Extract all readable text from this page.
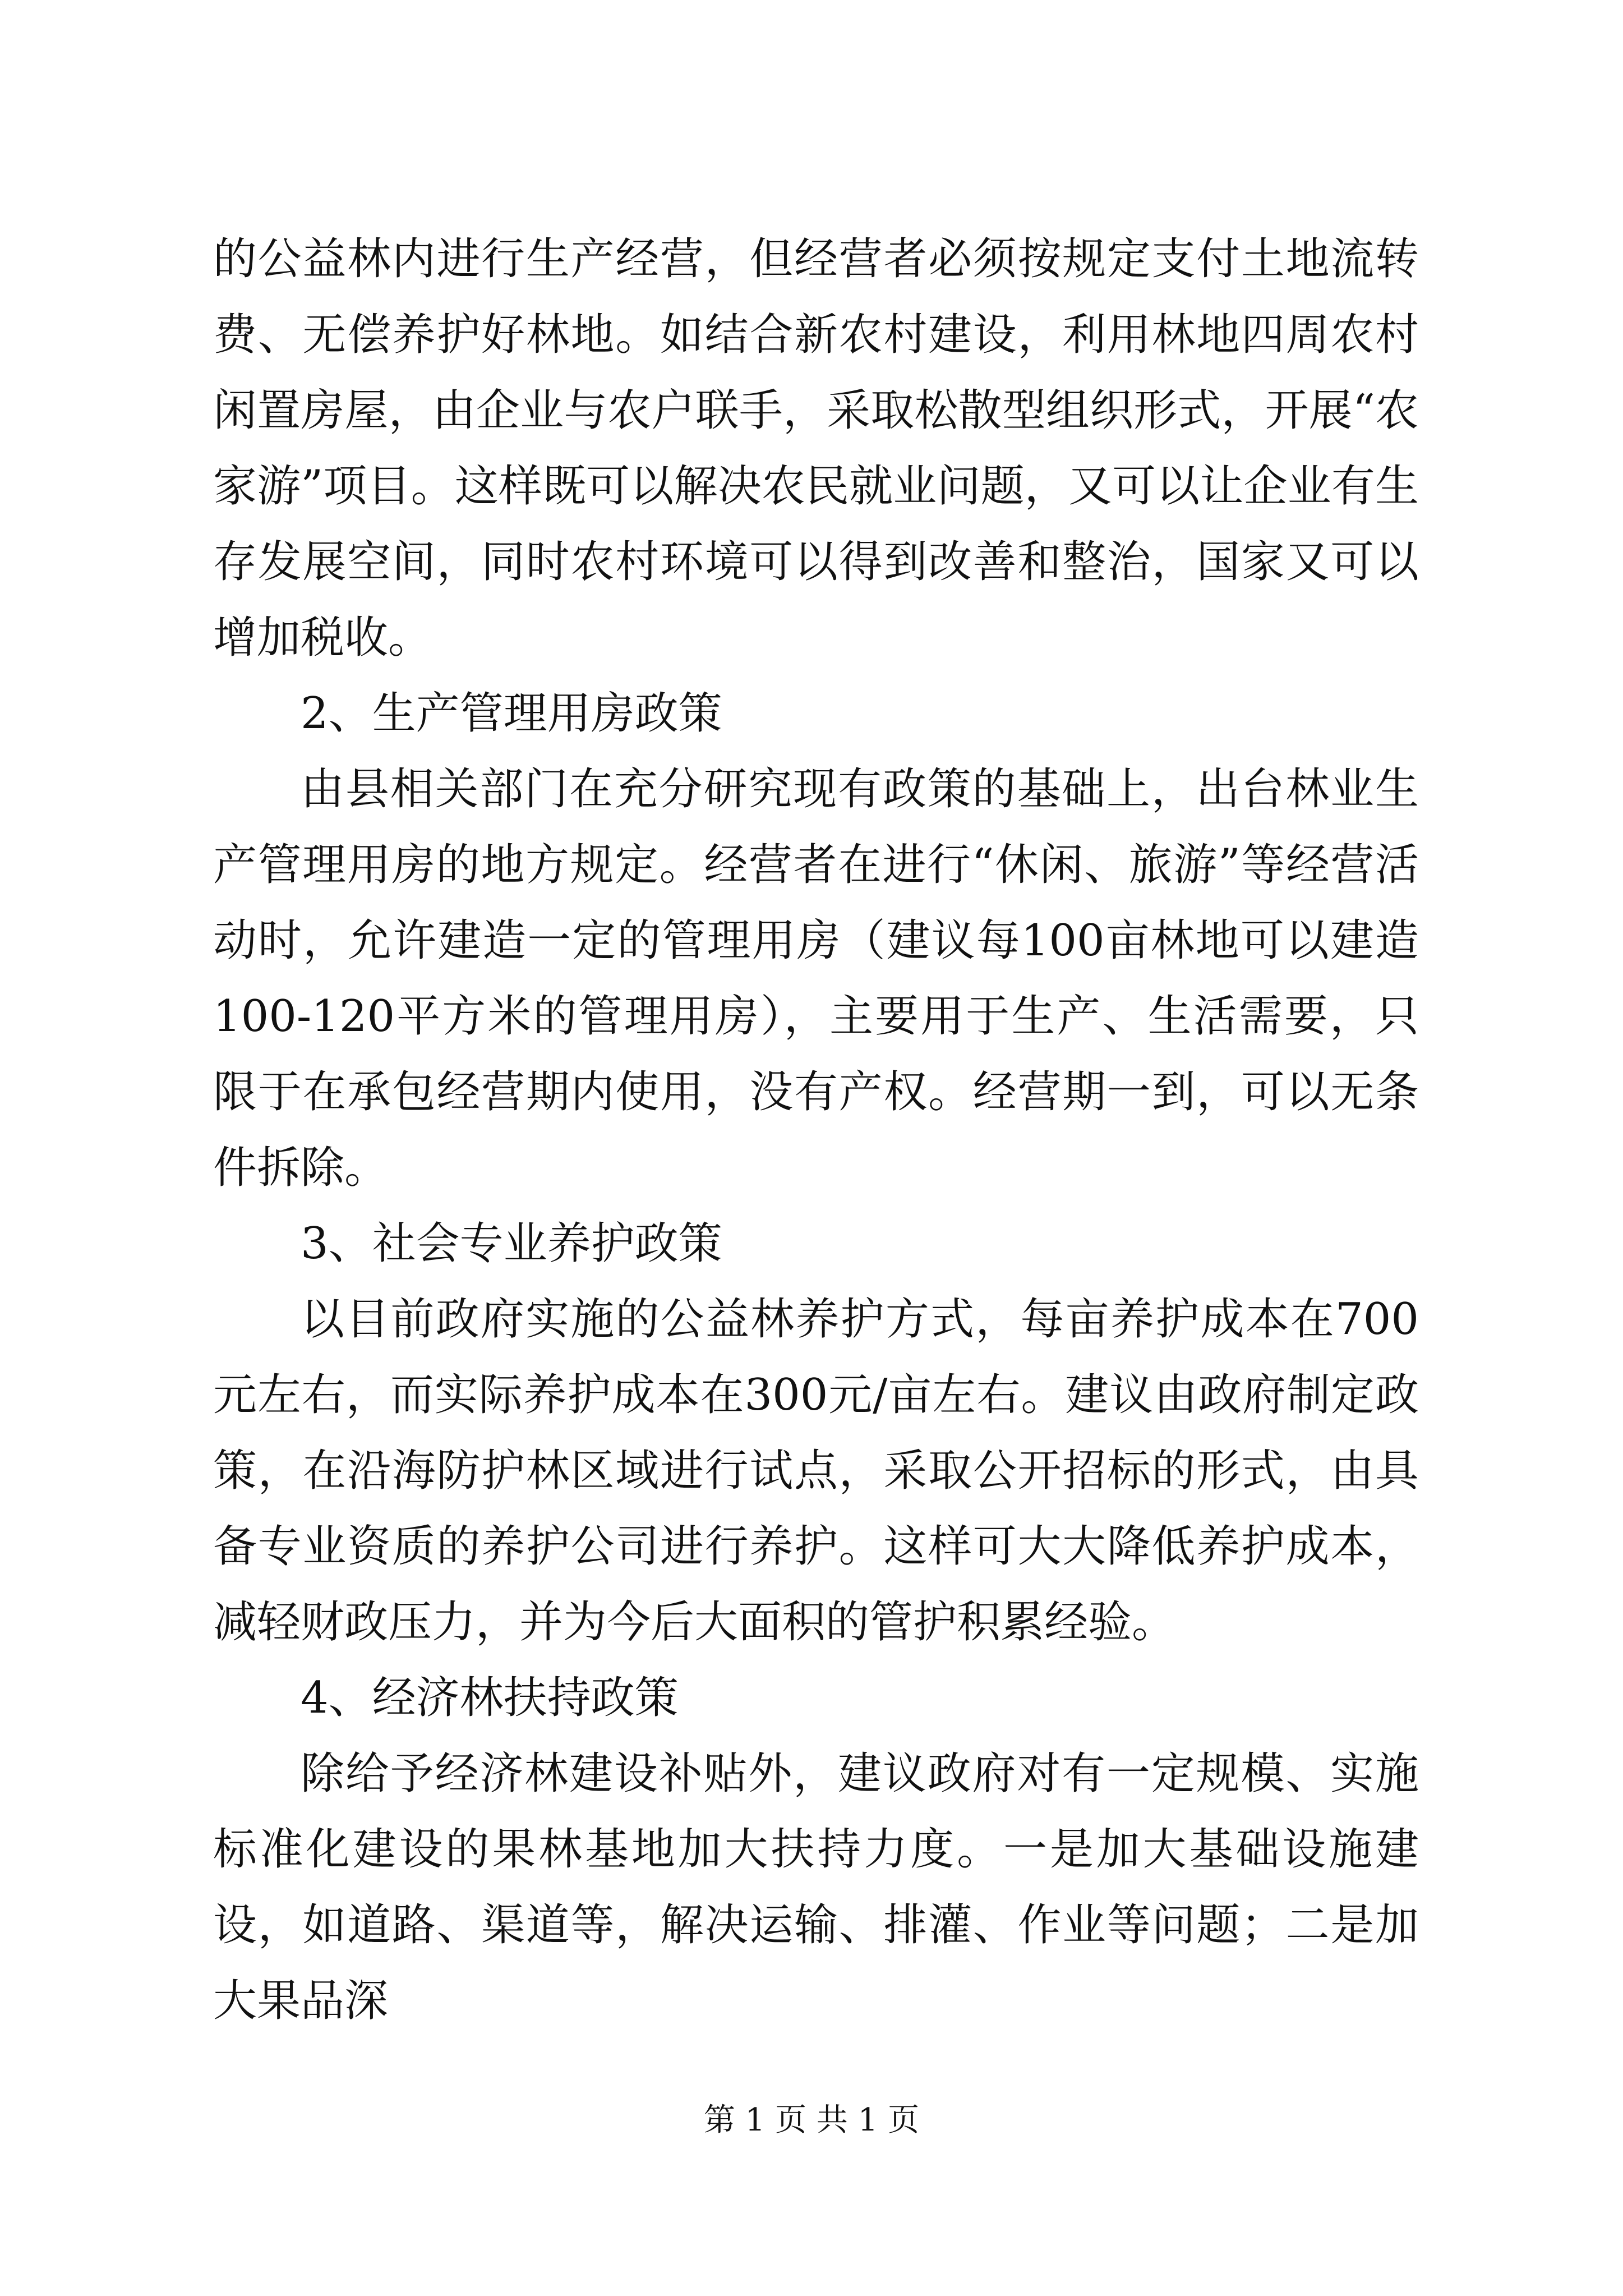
的公益林内进行生产经营，但经营者必须按规定支付土地流转费、无偿养护好林地。如结合新农村建设，利用林地四周农村闲置房屋，由企业与农户联手，采取松散型组织形式，开展“农家游”项目。这样既可以解决农民就业问题，又可以让企业有生存发展空间，同时农村环境可以得到改善和整治，国家又可以增加税收。

2、生产管理用房政策

由县相关部门在充分研究现有政策的基础上，出台林业生产管理用房的地方规定。经营者在进行“休闲、旅游”等经营活动时，允许建造一定的管理用房（建议每100亩林地可以建造100-120平方米的管理用房），主要用于生产、生活需要，只限于在承包经营期内使用，没有产权。经营期一到，可以无条件拆除。

3、社会专业养护政策

以目前政府实施的公益林养护方式，每亩养护成本在700元左右，而实际养护成本在300元/亩左右。建议由政府制定政策，在沿海防护林区域进行试点，采取公开招标的形式，由具备专业资质的养护公司进行养护。这样可大大降低养护成本，减轻财政压力，并为今后大面积的管护积累经验。

4、经济林扶持政策

除给予经济林建设补贴外，建议政府对有一定规模、实施标准化建设的果林基地加大扶持力度。一是加大基础设施建设，如道路、渠道等，解决运输、排灌、作业等问题；二是加大果品深

第 1 页 共 1 页
